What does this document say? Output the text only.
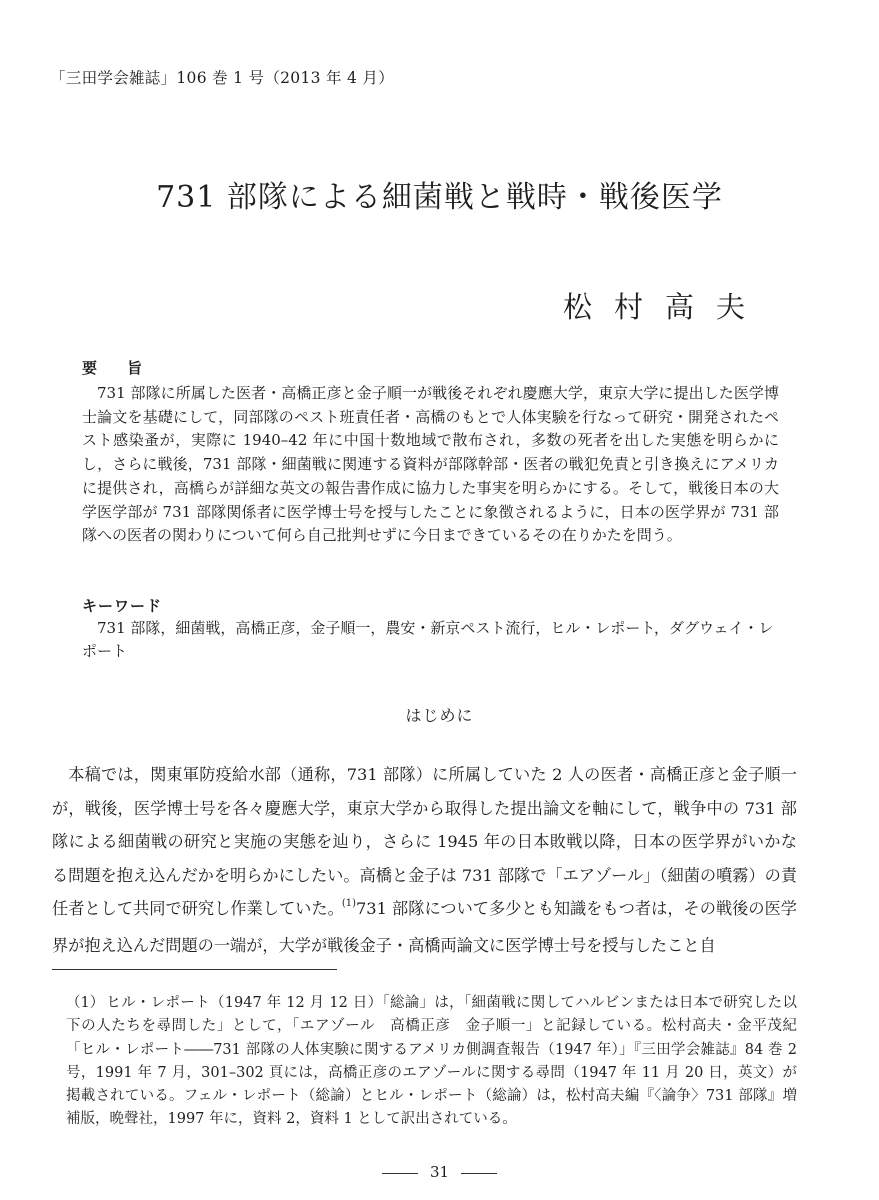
「三田学会雑誌」106 巻 1 号（2013 年 4 月）
731 部隊による細菌戦と戦時・戦後医学
松村高夫
要旨

731 部隊に所属した医者・高橋正彦と金子順一が戦後それぞれ慶應大学，東京大学に提出した医学博士論文を基礎にして，同部隊のペスト班責任者・高橋のもとで人体実験を行なって研究・開発されたペスト感染蚤が，実際に 1940–42 年に中国十数地域で散布され，多数の死者を出した実態を明らかにし，さらに戦後，731 部隊・細菌戦に関連する資料が部隊幹部・医者の戦犯免責と引き換えにアメリカに提供され，高橋らが詳細な英文の報告書作成に協力した事実を明らかにする。そして，戦後日本の大学医学部が 731 部隊関係者に医学博士号を授与したことに象徴されるように，日本の医学界が 731 部隊への医者の関わりについて何ら自己批判せずに今日まできているその在りかたを問う。

キーワード
731 部隊，細菌戦，高橋正彦，金子順一，農安・新京ペスト流行，ヒル・レポート，ダグウェイ・レポート
はじめに

本稿では，関東軍防疫給水部（通称，731 部隊）に所属していた 2 人の医者・高橋正彦と金子順一が，戦後，医学博士号を各々慶應大学，東京大学から取得した提出論文を軸にして，戦争中の 731 部隊による細菌戦の研究と実施の実態を辿り，さらに 1945 年の日本敗戦以降，日本の医学界がいかなる問題を抱え込んだかを明らかにしたい。高橋と金子は 731 部隊で「エアゾール」（細菌の噴霧）の責任者として共同で研究し作業していた。$^{(1)}$731 部隊について多少とも知識をもつ者は，その戦後の医学界が抱え込んだ問題の一端が，大学が戦後金子・高橋両論文に医学博士号を授与したこと自

（1） ヒル・レポート（1947 年 12 月 12 日）「総論」は，「細菌戦に関してハルビンまたは日本で研究した以下の人たちを尋問した」として，「エアゾール　高橋正彦　金子順一」と記録している。松村高夫・金平茂紀「ヒル・レポート――731 部隊の人体実験に関するアメリカ側調査報告（1947 年）」『三田学会雑誌』84 巻 2 号，1991 年 7 月，301–302 頁には，高橋正彦のエアゾールに関する尋問（1947 年 11 月 20 日，英文）が掲載されている。フェル・レポート（総論）とヒル・レポート（総論）は，松村高夫編『〈論争〉731 部隊』増補版，晩聲社，1997 年に，資料 2，資料 1 として訳出されている。
31
